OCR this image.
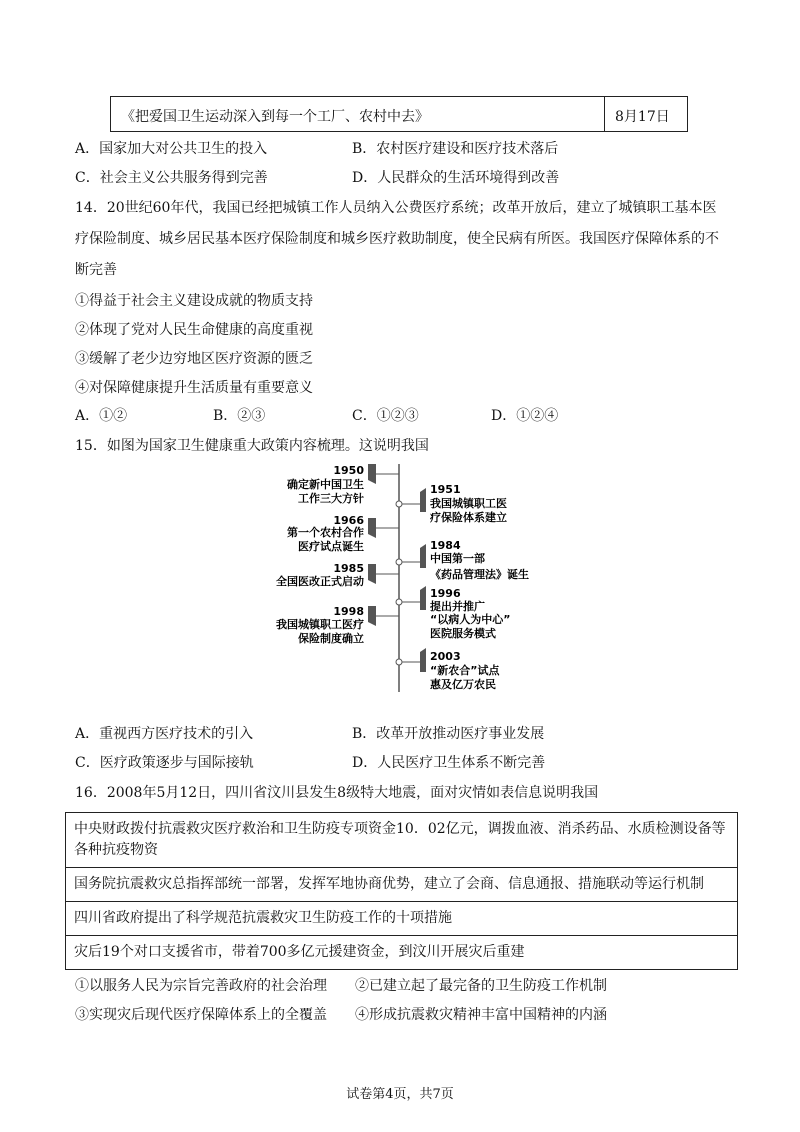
《把爱国卫生运动深入到每一个工厂、农村中去》	8月17日
A．国家加大对公共卫生的投入	B．农村医疗建设和医疗技术落后
C．社会主义公共服务得到完善	D．人民群众的生活环境得到改善
14．20世纪60年代，我国已经把城镇工作人员纳入公费医疗系统；改革开放后，建立了城镇职工基本医
疗保险制度、城乡居民基本医疗保险制度和城乡医疗救助制度，使全民病有所医。我国医疗保障体系的不
断完善
①得益于社会主义建设成就的物质支持
②体现了党对人民生命健康的高度重视
③缓解了老少边穷地区医疗资源的匮乏
④对保障健康提升生活质量有重要意义
A．①②	B．②③	C．①②③	D．①②④
15．如图为国家卫生健康重大政策内容梳理。这说明我国
1950
确定新中国卫生
工作三大方针
1966
第一个农村合作
医疗试点诞生
1985
全国医改正式启动
1998
我国城镇职工医疗
保险制度确立
1951
我国城镇职工医
疗保险体系建立
1984
中国第一部
《药品管理法》诞生
1996
提出并推广
“以病人为中心”
医院服务模式
2003
“新农合”试点
惠及亿万农民
A．重视西方医疗技术的引入	B．改革开放推动医疗事业发展
C．医疗政策逐步与国际接轨	D．人民医疗卫生体系不断完善
16．2008年5月12日，四川省汶川县发生8级特大地震，面对灾情如表信息说明我国
中央财政拨付抗震救灾医疗救治和卫生防疫专项资金10．02亿元，调拨血液、消杀药品、水质检测设备等各种抗疫物资
国务院抗震救灾总指挥部统一部署，发挥军地协商优势，建立了会商、信息通报、措施联动等运行机制
四川省政府提出了科学规范抗震救灾卫生防疫工作的十项措施
灾后19个对口支援省市，带着700多亿元援建资金，到汶川开展灾后重建
①以服务人民为宗旨完善政府的社会治理 ②已建立起了最完备的卫生防疫工作机制
③实现灾后现代医疗保障体系上的全覆盖 ④形成抗震救灾精神丰富中国精神的内涵
试卷第4页，共7页
